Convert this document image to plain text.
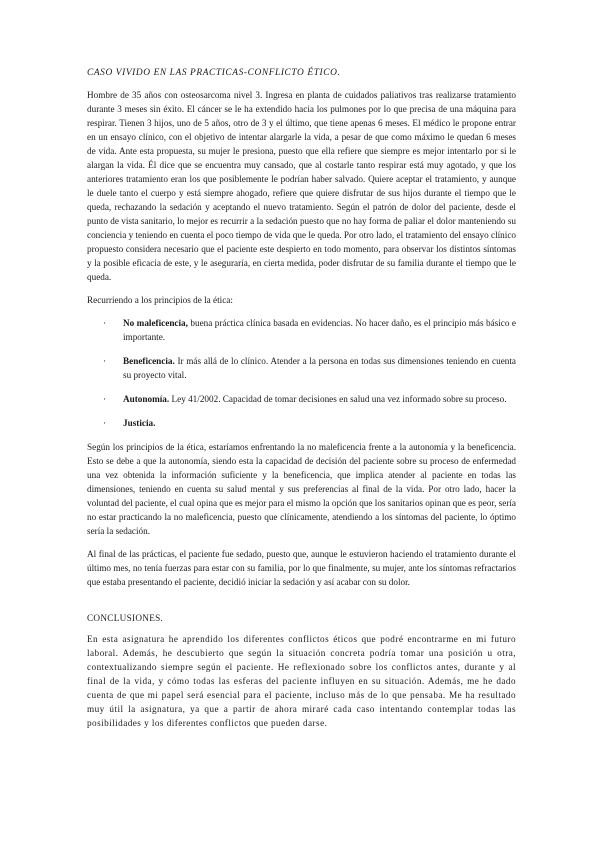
CASO VIVIDO EN LAS PRACTICAS-CONFLICTO ÉTICO.

Hombre de 35 años con osteosarcoma nivel 3. Ingresa en planta de cuidados paliativos tras realizarse tratamiento durante 3 meses sin éxito. El cáncer se le ha extendido hacia los pulmones por lo que precisa de una máquina para respirar. Tienen 3 hijos, uno de 5 años, otro de 3 y el último, que tiene apenas 6 meses. El médico le propone entrar en un ensayo clínico, con el objetivo de intentar alargarle la vida, a pesar de que como máximo le quedan 6 meses de vida. Ante esta propuesta, su mujer le presiona, puesto que ella refiere que siempre es mejor intentarlo por si le alargan la vida. Él dice que se encuentra muy cansado, que al costarle tanto respirar está muy agotado, y que los anteriores tratamiento eran los que posiblemente le podrían haber salvado. Quiere aceptar el tratamiento, y aunque le duele tanto el cuerpo y está siempre ahogado, refiere que quiere disfrutar de sus hijos durante el tiempo que le queda, rechazando la sedación y aceptando el nuevo tratamiento. Según el patrón de dolor del paciente, desde el punto de vista sanitario, lo mejor es recurrir a la sedación puesto que no hay forma de paliar el dolor manteniendo su conciencia y teniendo en cuenta el poco tiempo de vida que le queda. Por otro lado, el tratamiento del ensayo clínico propuesto considera necesario que el paciente este despierto en todo momento, para observar los distintos síntomas y la posible eficacia de este, y le aseguraría, en cierta medida, poder disfrutar de su familia durante el tiempo que le queda.

Recurriendo a los principios de la ética:

· No maleficencia, buena práctica clínica basada en evidencias. No hacer daño, es el principio más básico e importante.
· Beneficencia. Ir más allá de lo clínico. Atender a la persona en todas sus dimensiones teniendo en cuenta su proyecto vital.
· Autonomía. Ley 41/2002. Capacidad de tomar decisiones en salud una vez informado sobre su proceso.
· Justicia.

Según los principios de la ética, estaríamos enfrentando la no maleficencia frente a la autonomía y la beneficencia. Esto se debe a que la autonomía, siendo esta la capacidad de decisión del paciente sobre su proceso de enfermedad una vez obtenida la información suficiente y la beneficencia, que implica atender al paciente en todas las dimensiones, teniendo en cuenta su salud mental y sus preferencias al final de la vida. Por otro lado, hacer la voluntad del paciente, el cual opina que es mejor para el mismo la opción que los sanitarios opinan que es peor, sería no estar practicando la no maleficencia, puesto que clínicamente, atendiendo a los síntomas del paciente, lo óptimo sería la sedación.

Al final de las prácticas, el paciente fue sedado, puesto que, aunque le estuvieron haciendo el tratamiento durante el último mes, no tenía fuerzas para estar con su familia, por lo que finalmente, su mujer, ante los síntomas refractarios que estaba presentando el paciente, decidió iniciar la sedación y así acabar con su dolor.

CONCLUSIONES.

En esta asignatura he aprendido los diferentes conflictos éticos que podré encontrarme en mi futuro laboral. Además, he descubierto que según la situación concreta podría tomar una posición u otra, contextualizando siempre según el paciente. He reflexionado sobre los conflictos antes, durante y al final de la vida, y cómo todas las esferas del paciente influyen en su situación. Además, me he dado cuenta de que mi papel será esencial para el paciente, incluso más de lo que pensaba. Me ha resultado muy útil la asignatura, ya que a partir de ahora miraré cada caso intentando contemplar todas las posibilidades y los diferentes conflictos que pueden darse.
